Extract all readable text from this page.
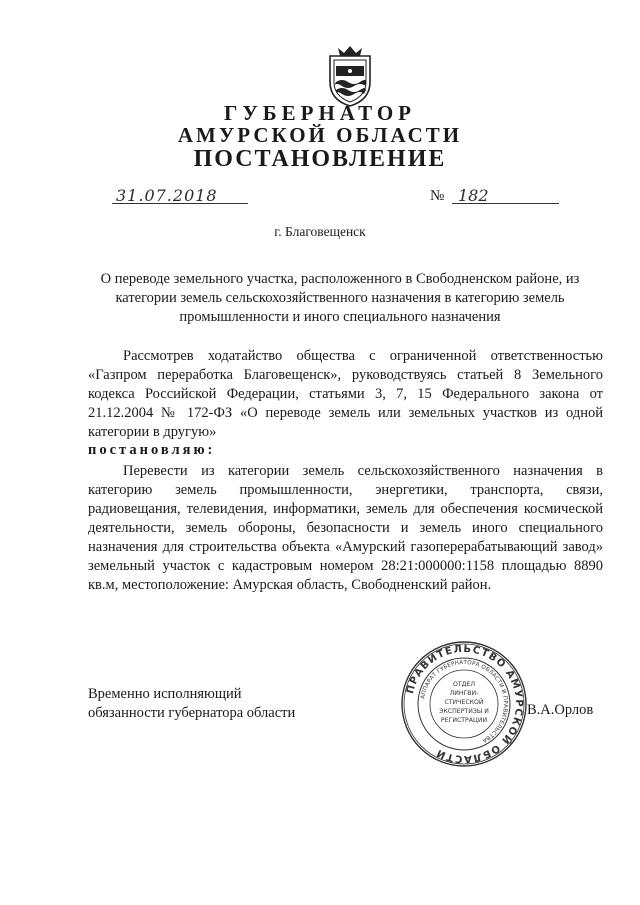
ГУБЕРНАТОР
АМУРСКОЙ ОБЛАСТИ
ПОСТАНОВЛЕНИЕ
31.07.2018	№ 182
г. Благовещенск
О переводе земельного участка, расположенного в Свободненском районе, из категории земель сельскохозяйственного назначения в категорию земель промышленности и иного специального назначения
Рассмотрев ходатайство общества с ограниченной ответственностью «Газпром переработка Благовещенск», руководствуясь статьей 8 Земельного кодекса Российской Федерации, статьями 3, 7, 15 Федерального закона от 21.12.2004 № 172-ФЗ «О переводе земель или земельных участков из одной категории в другую»
постановляю:
Перевести из категории земель сельскохозяйственного назначения в категорию земель промышленности, энергетики, транспорта, связи, радиовещания, телевидения, информатики, земель для обеспечения космической деятельности, земель обороны, безопасности и земель иного специального назначения для строительства объекта «Амурский газоперерабатывающий завод» земельный участок с кадастровым номером 28:21:000000:1158 площадью 8890 кв.м, местоположение: Амурская область, Свободненский район.
Временно исполняющий
обязанности губернатора области
ПРАВИТЕЛЬСТВО АМУРСКОЙ ОБЛАСТИ
АППАРАТ ГУБЕРНАТОРА ОБЛАСТИ И ПРАВИТЕЛЬСТВА
ОТДЕЛ
ЛИНГВИ-
СТИЧЕСКОЙ
ЭКСПЕРТИЗЫ И
РЕГИСТРАЦИИ
В.А.Орлов
